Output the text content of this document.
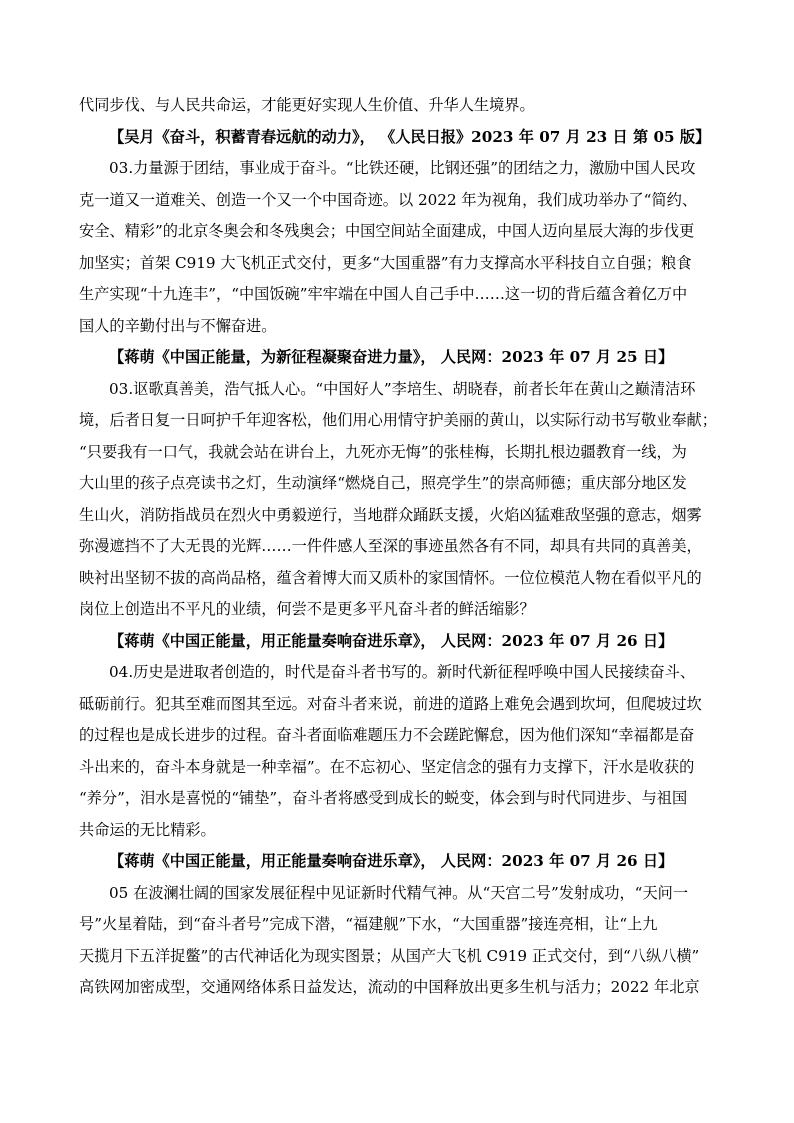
代同步伐、与人民共命运，才能更好实现人生价值、升华人生境界。

【吴月《奋斗，积蓄青春远航的动力》， 《人民日报》2023 年 07 月 23 日 第 05 版】

03.力量源于团结，事业成于奋斗。“比铁还硬，比钢还强”的团结之力，激励中国人民攻
克一道又一道难关、创造一个又一个中国奇迹。以 2022 年为视角，我们成功举办了“简约、
安全、精彩”的北京冬奥会和冬残奥会；中国空间站全面建成，中国人迈向星辰大海的步伐更
加坚实；首架 C919 大飞机正式交付，更多“大国重器”有力支撑高水平科技自立自强；粮食
生产实现“十九连丰”，“中国饭碗”牢牢端在中国人自己手中……这一切的背后蕴含着亿万中
国人的辛勤付出与不懈奋进。

【蒋萌《中国正能量，为新征程凝聚奋进力量》， 人民网：2023 年 07 月 25 日】

03.讴歌真善美，浩气抵人心。“中国好人”李培生、胡晓春，前者长年在黄山之巅清洁环
境，后者日复一日呵护千年迎客松，他们用心用情守护美丽的黄山，以实际行动书写敬业奉献；
“只要我有一口气，我就会站在讲台上，九死亦无悔”的张桂梅，长期扎根边疆教育一线，为
大山里的孩子点亮读书之灯，生动演绎“燃烧自己，照亮学生”的崇高师德；重庆部分地区发
生山火，消防指战员在烈火中勇毅逆行，当地群众踊跃支援，火焰凶猛难敌坚强的意志，烟雾
弥漫遮挡不了大无畏的光辉……一件件感人至深的事迹虽然各有不同，却具有共同的真善美，
映衬出坚韧不拔的高尚品格，蕴含着博大而又质朴的家国情怀。一位位模范人物在看似平凡的
岗位上创造出不平凡的业绩，何尝不是更多平凡奋斗者的鲜活缩影？

【蒋萌《中国正能量，用正能量奏响奋进乐章》， 人民网：2023 年 07 月 26 日】

04.历史是进取者创造的，时代是奋斗者书写的。新时代新征程呼唤中国人民接续奋斗、
砥砺前行。犯其至难而图其至远。对奋斗者来说，前进的道路上难免会遇到坎坷，但爬坡过坎
的过程也是成长进步的过程。奋斗者面临难题压力不会蹉跎懈怠，因为他们深知“幸福都是奋
斗出来的，奋斗本身就是一种幸福”。在不忘初心、坚定信念的强有力支撑下，汗水是收获的
“养分”，泪水是喜悦的“铺垫”，奋斗者将感受到成长的蜕变，体会到与时代同进步、与祖国
共命运的无比精彩。

【蒋萌《中国正能量，用正能量奏响奋进乐章》， 人民网：2023 年 07 月 26 日】

05 在波澜壮阔的国家发展征程中见证新时代精气神。从“天宫二号”发射成功，“天问一
号”火星着陆，到“奋斗者号”完成下潜，“福建舰”下水，“大国重器”接连亮相，让“上九
天揽月下五洋捉鳖”的古代神话化为现实图景；从国产大飞机 C919 正式交付，到“八纵八横”
高铁网加密成型，交通网络体系日益发达，流动的中国释放出更多生机与活力；2022 年北京
